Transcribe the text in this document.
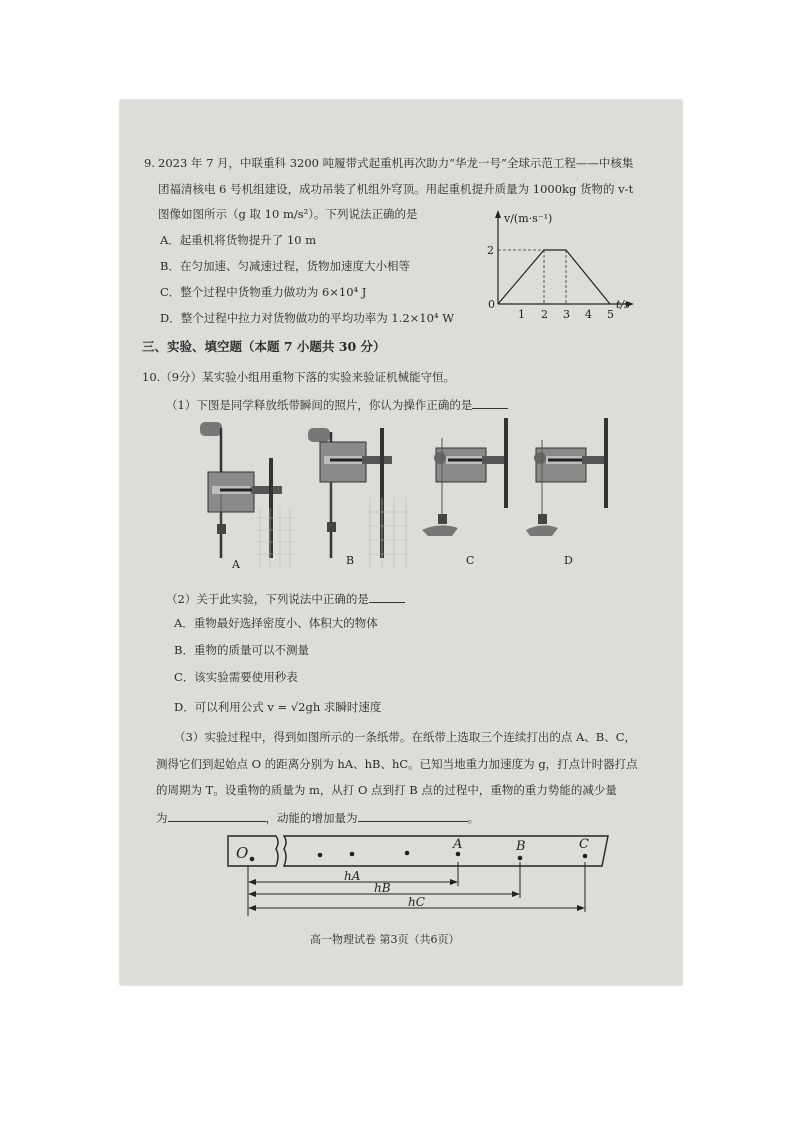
9. 2023 年 7 月，中联重科 3200 吨履带式起重机再次助力“华龙一号”全球示范工程——中核集
团福清核电 6 号机组建设，成功吊装了机组外穹顶。用起重机提升质量为 1000kg 货物的 v-t
图像如图所示（g 取 10 m/s²）。下列说法正确的是
A．起重机将货物提升了 10 m
B．在匀加速、匀减速过程，货物加速度大小相等
C．整个过程中货物重力做功为 6×10⁴ J
D．整个过程中拉力对货物做功的平均功率为 1.2×10⁴ W
v/(m·s⁻¹)
t/s
0
2
1 2 3 4 5
三、实验、填空题（本题 7 小题共 30 分）
10.（9分）某实验小组用重物下落的实验来验证机械能守恒。
（1）下图是同学释放纸带瞬间的照片，你认为操作正确的是
A	B	C	D
（2）关于此实验，下列说法中正确的是
A．重物最好选择密度小、体积大的物体
B．重物的质量可以不测量
C．该实验需要使用秒表
D．可以利用公式 v = √2gh 求瞬时速度
（3）实验过程中，得到如图所示的一条纸带。在纸带上选取三个连续打出的点 A、B、C，
测得它们到起始点 O 的距离分别为 hA、hB、hC。已知当地重力加速度为 g，打点计时器打点
的周期为 T。设重物的质量为 m，从打 O 点到打 B 点的过程中，重物的重力势能的减少量
为	，动能的增加量为	。
O	A	B	C
hA
hB
hC
高一物理试卷 第3页（共6页）
